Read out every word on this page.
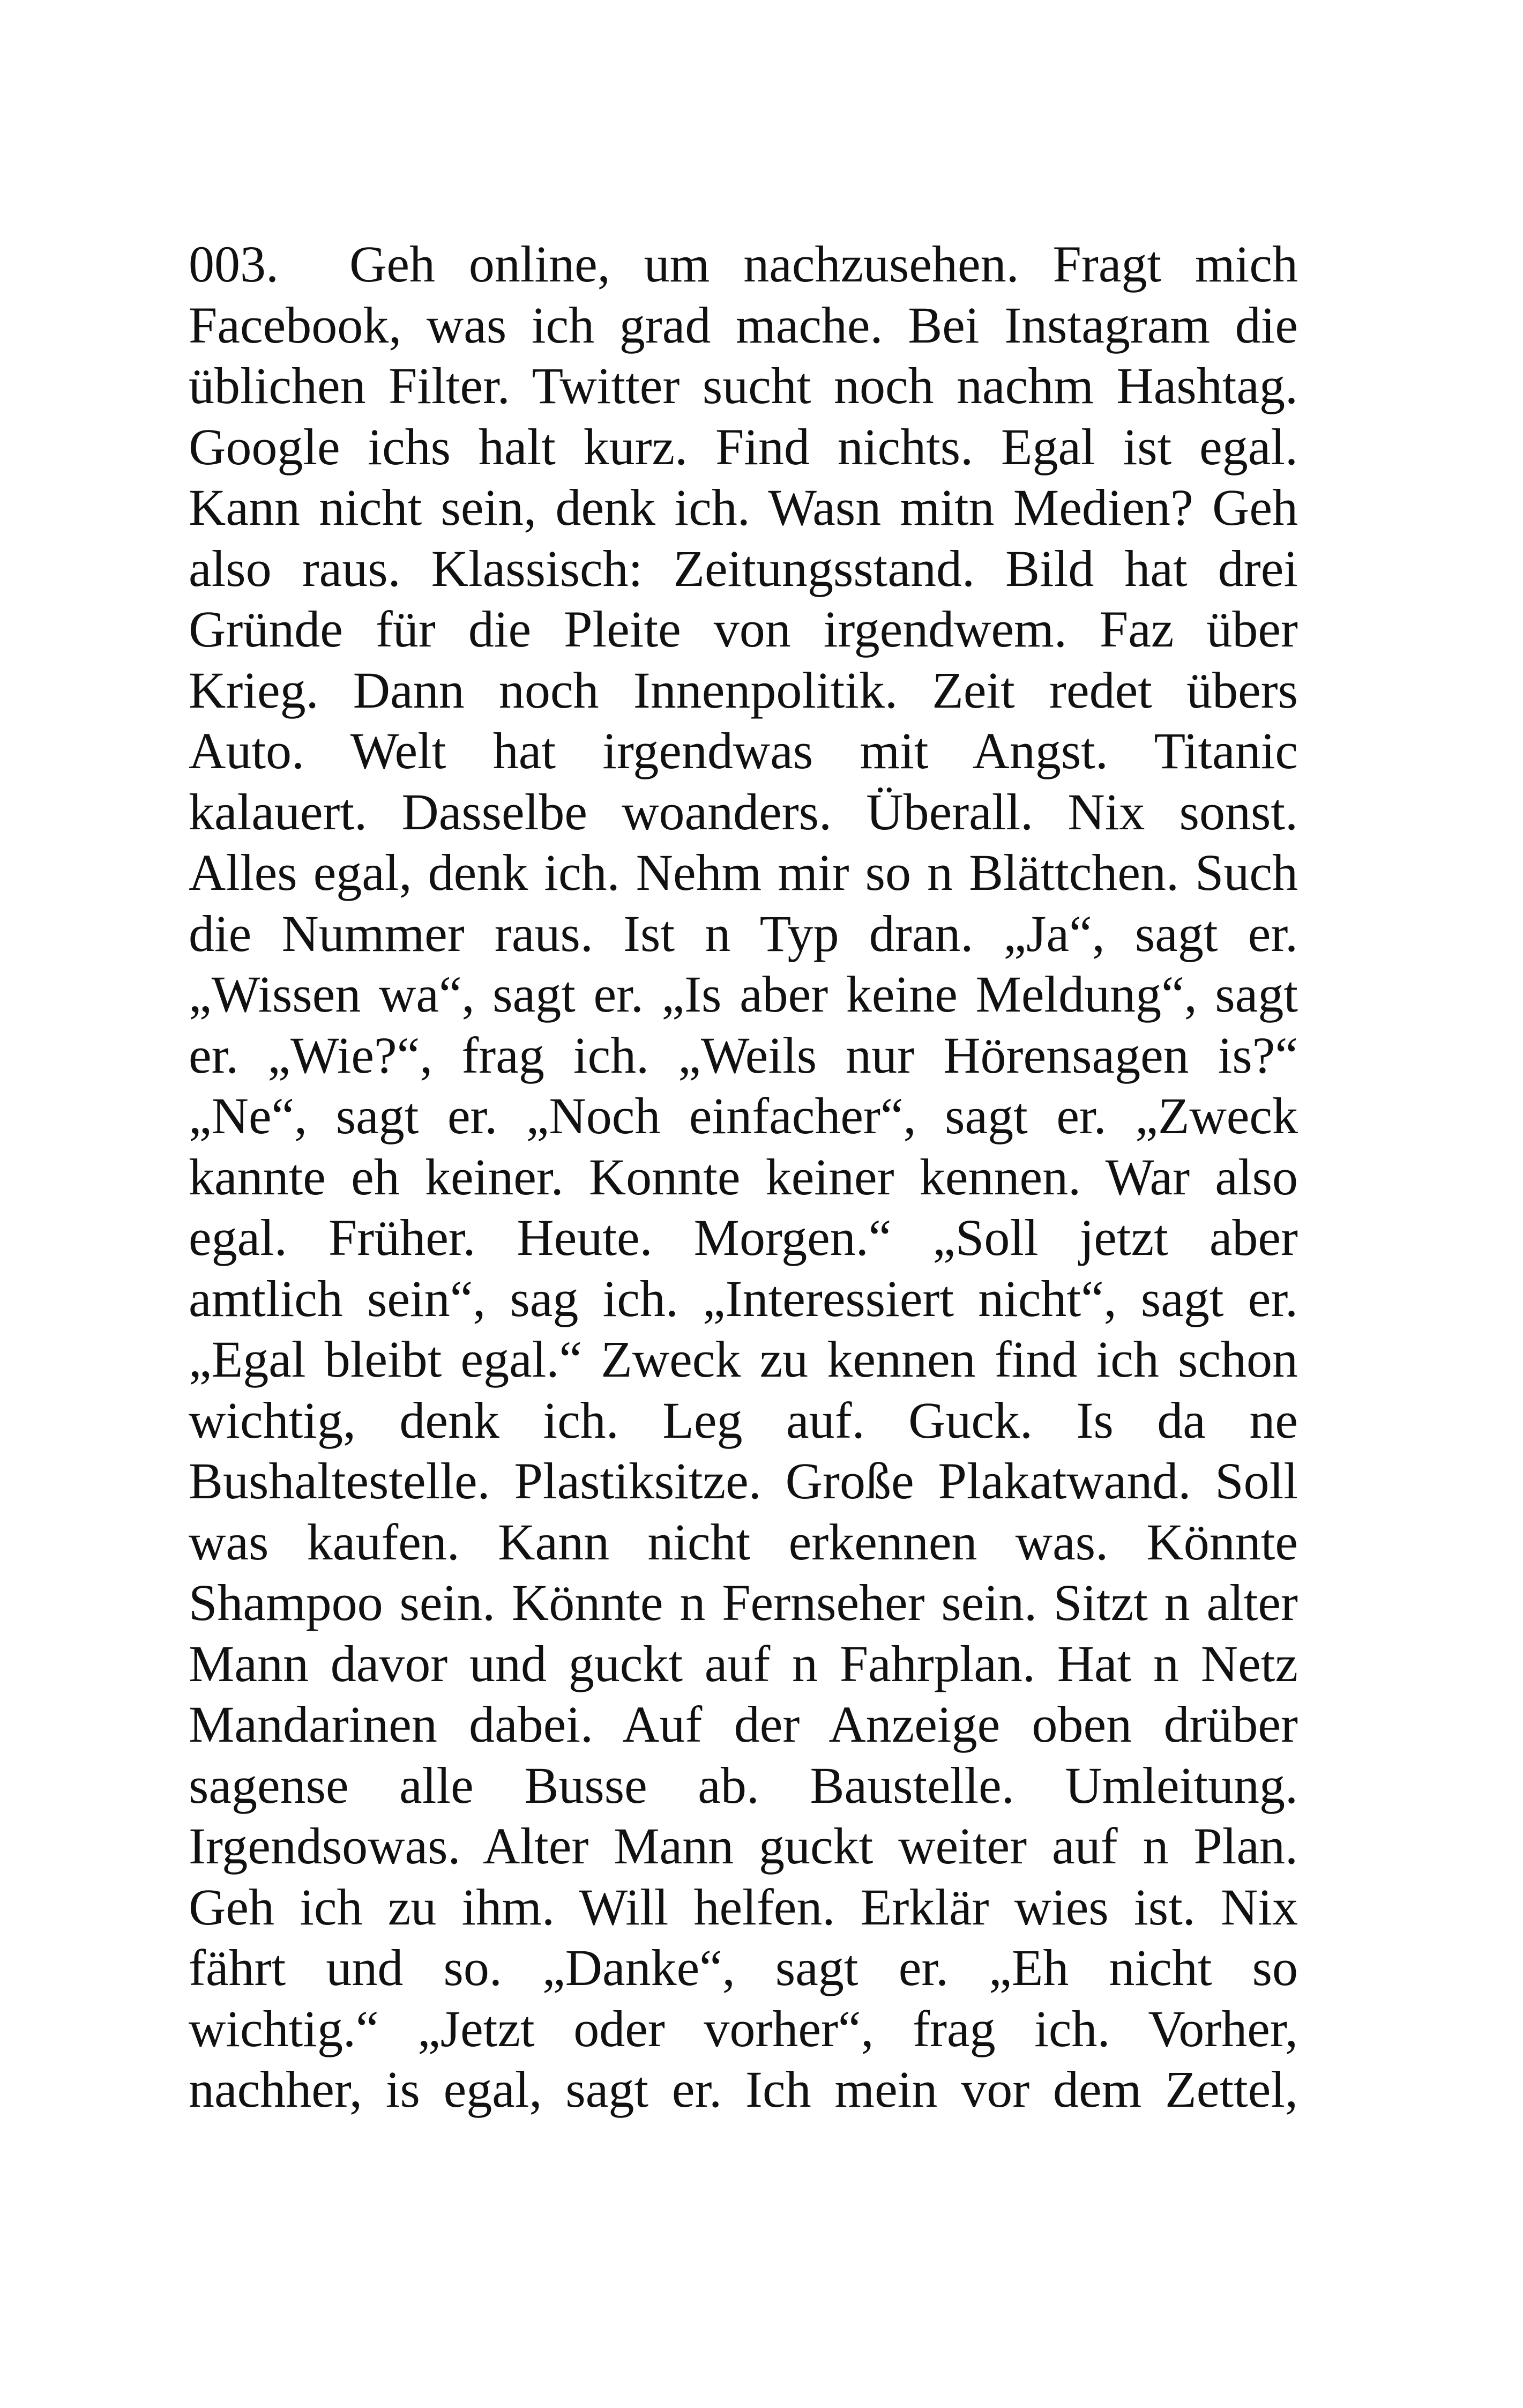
003. Geh online, um nachzusehen. Fragt mich
Facebook, was ich grad mache. Bei Instagram die
üblichen Filter. Twitter sucht noch nachm Hashtag.
Google ichs halt kurz. Find nichts. Egal ist egal.
Kann nicht sein, denk ich. Wasn mitn Medien? Geh
also raus. Klassisch: Zeitungsstand. Bild hat drei
Gründe für die Pleite von irgendwem. Faz über
Krieg. Dann noch Innenpolitik. Zeit redet übers
Auto. Welt hat irgendwas mit Angst. Titanic
kalauert. Dasselbe woanders. Überall. Nix sonst.
Alles egal, denk ich. Nehm mir so n Blättchen. Such
die Nummer raus. Ist n Typ dran. „Ja“, sagt er.
„Wissen wa“, sagt er. „Is aber keine Meldung“, sagt
er. „Wie?“, frag ich. „Weils nur Hörensagen is?“
„Ne“, sagt er. „Noch einfacher“, sagt er. „Zweck
kannte eh keiner. Konnte keiner kennen. War also
egal. Früher. Heute. Morgen.“ „Soll jetzt aber
amtlich sein“, sag ich. „Interessiert nicht“, sagt er.
„Egal bleibt egal.“ Zweck zu kennen find ich schon
wichtig, denk ich. Leg auf. Guck. Is da ne
Bushaltestelle. Plastiksitze. Große Plakatwand. Soll
was kaufen. Kann nicht erkennen was. Könnte
Shampoo sein. Könnte n Fernseher sein. Sitzt n alter
Mann davor und guckt auf n Fahrplan. Hat n Netz
Mandarinen dabei. Auf der Anzeige oben drüber
sagense alle Busse ab. Baustelle. Umleitung.
Irgendsowas. Alter Mann guckt weiter auf n Plan.
Geh ich zu ihm. Will helfen. Erklär wies ist. Nix
fährt und so. „Danke“, sagt er. „Eh nicht so
wichtig.“ „Jetzt oder vorher“, frag ich. Vorher,
nachher, is egal, sagt er. Ich mein vor dem Zettel,
